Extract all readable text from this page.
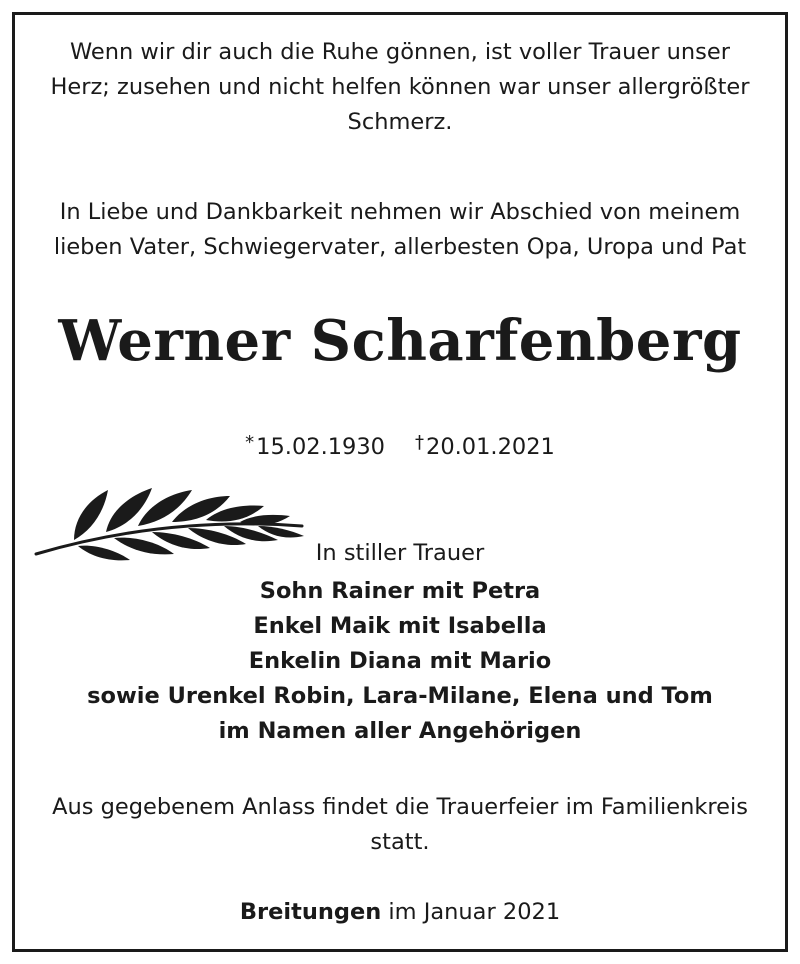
Wenn wir dir auch die Ruhe gönnen, ist voller Trauer unser
Herz; zusehen und nicht helfen können war unser allergrößter
Schmerz.
In Liebe und Dankbarkeit nehmen wir Abschied von meinem
lieben Vater, Schwiegervater, allerbesten Opa, Uropa und Pat
Werner Scharfenberg
*15.02.1930 †20.01.2021
In stiller Trauer
Sohn Rainer mit Petra
Enkel Maik mit Isabella
Enkelin Diana mit Mario
sowie Urenkel Robin, Lara-Milane, Elena und Tom
im Namen aller Angehörigen
Aus gegebenem Anlass findet die Trauerfeier im Familienkreis
statt.
Breitungen im Januar 2021
